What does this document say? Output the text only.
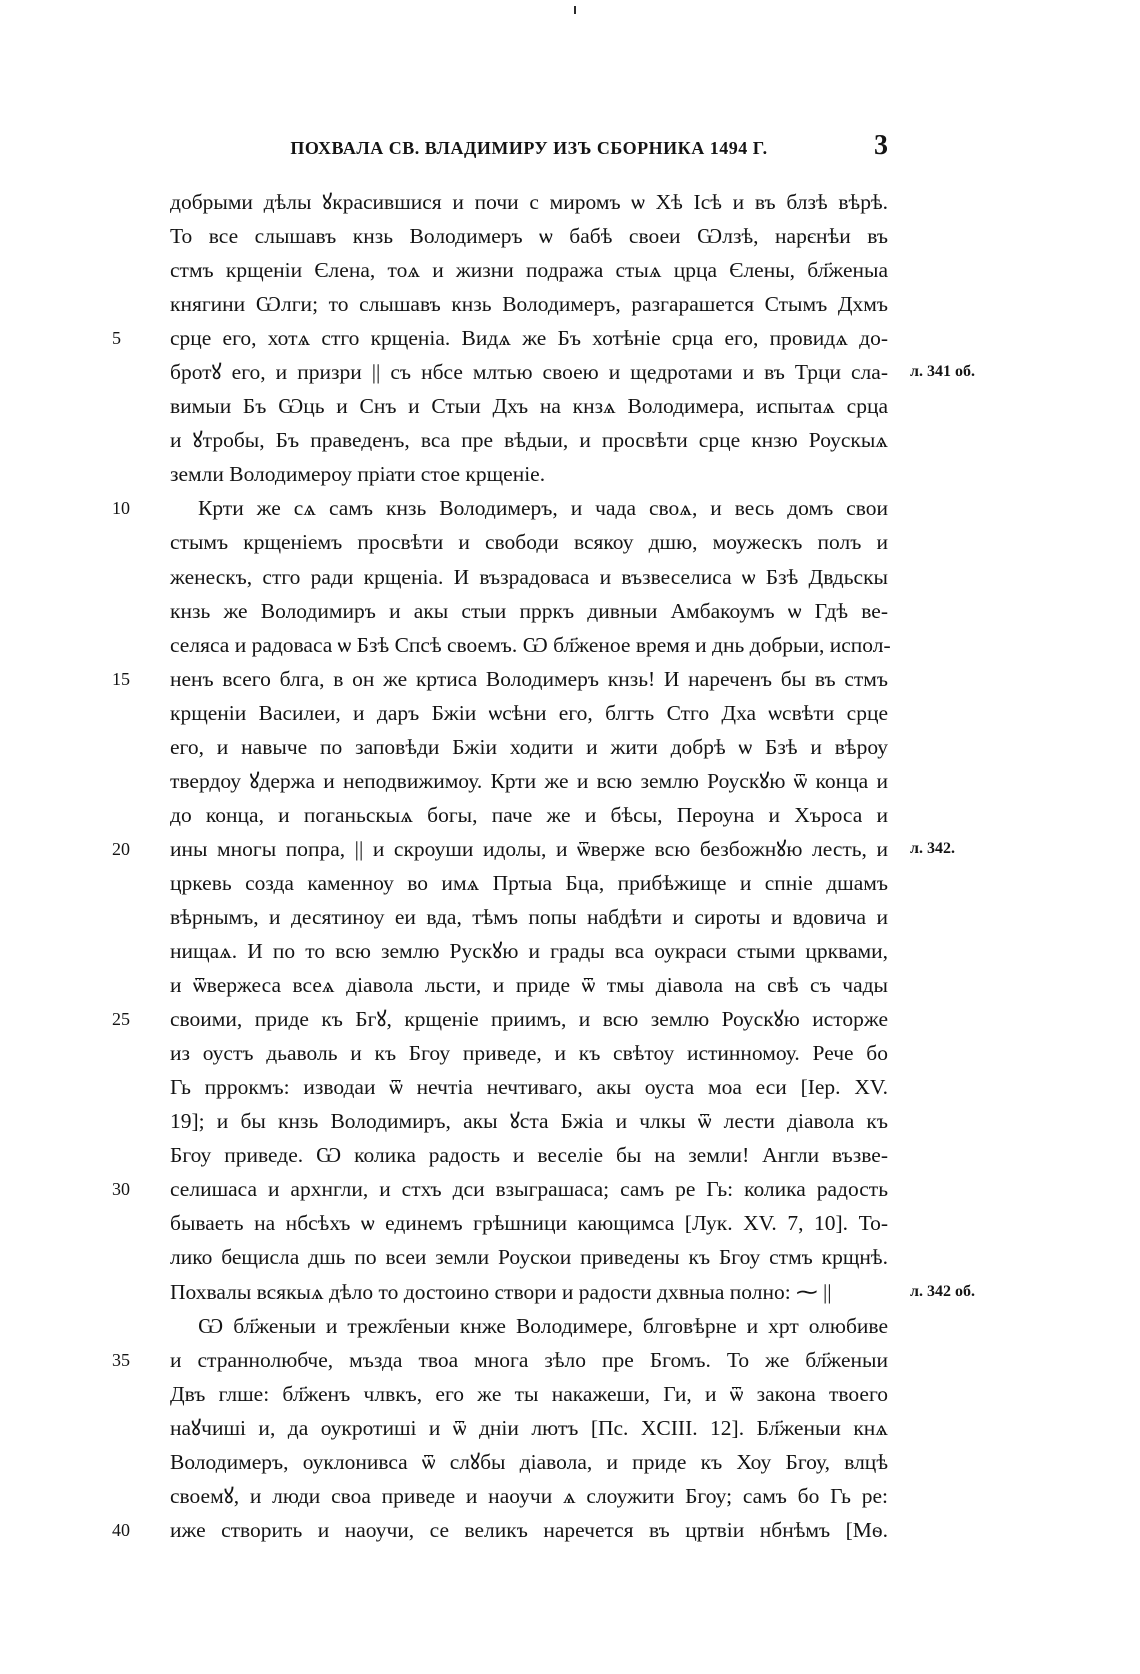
ПОХВАЛА СВ. ВЛАДИМИРУ ИЗЪ СБОРНИКА 1494 Г.	3
добрыми дѣлы ꙋкрасившися и почи с миромъ ѡ Хѣ Ісѣ и въ блзѣ вѣрѣ.
То все слышавъ кнзь Володимеръ ѡ бабѣ своеи Ѡлзѣ, нарєнѣи въ
стмъ крщеніи Єлена, тоѧ и жизни подража стыѧ црца Єлены, бл҃женыа
княгини Ѡлги; то слышавъ кнзь Володимеръ, разгарашется Стымъ Дхмъ
5	срце его, хотѧ стго крщеніа. Видѧ же Бъ хотѣніе срца его, провидѧ до-
бротꙋ его, и призри || съ нбсе млтью своею и щедротами и въ Трци сла- л. 341 об.
вимыи Бъ Ѡць и Снъ и Стыи Дхъ на кнзѧ Володимера, испытаѧ срца
и ꙋтробы, Бъ праведенъ, вса пре вѣдыи, и просвѣти срце кнзю Роускыѧ
земли Володимероу пріати стое крщеніе.
10	Крти же сѧ самъ кнзь Володимеръ, и чада своѧ, и весь домъ свои
стымъ крщеніемъ просвѣти и свободи всякоу дшю, моужескъ полъ и
женескъ, стго ради крщеніа. И възрадоваса и възвеселиса ѡ Бзѣ Двдьскы
кнзь же Володимиръ и акы стыи прркъ дивныи Амбакоумъ ѡ Гдѣ ве-
селяса и радоваса ѡ Бзѣ Спсѣ своемъ. Ѡ бл҃женое время и днь добрыи, испол-
15	ненъ всего блга, в он же кртиса Володимеръ кнзь! И нареченъ бы въ стмъ
крщеніи Василеи, и даръ Бжіи ѡсѣни его, блгть Стго Дха ѡсвѣти срце
его, и навыче по заповѣди Бжіи ходити и жити добрѣ ѡ Бзѣ и вѣроу
твердоу ꙋдержа и неподвижимоу. Крти же и всю землю Роускꙋю ѿ конца и
до конца, и поганьскыѧ богы, паче же и бѣсы, Пероуна и Хъроса и
20	ины многы попра, || и скроуши идолы, и ѿверже всю безбожнꙋю лесть, и л. 342.
цркевь созда каменноу во имѧ Пртыа Бца, прибѣжище и спніе дшамъ
вѣрнымъ, и десятиноу еи вда, тѣмъ попы набдѣти и сироты и вдовича и
нищаѧ. И по то всю землю Рускꙋю и грады вса оукраси стыми црквами,
и ѿвержеса всеѧ діавола льсти, и приде ѿ тмы діавола на свѣ съ чады
25	своими, приде къ Бгꙋ, крщеніе приимъ, и всю землю Роускꙋю исторже
из оустъ дьаволь и къ Бгоу приведе, и къ свѣтоу истинномоу. Рече бо
Гь пррокмъ: изводаи ѿ нечтіа нечтиваго, акы оуста моа еси [Іер. XV.
19]; и бы кнзь Володимиръ, акы ꙋста Бжіа и члкы ѿ лести діавола къ
Бгоу приведе. Ѡ колика радость и веселіе бы на земли! Англи възве-
30	селишаса и архнгли, и стхъ дси взыграшаса; самъ ре Гь: колика радость
бываеть на нбсѣхъ ѡ единемъ грѣшници кающимса [Лук. XV. 7, 10]. То-
лико бещисла дшь по всеи земли Роускои приведены къ Бгоу стмъ крщнѣ.
Похвалы всякыѧ дѣло то достоино створи и радости дхвныа полно: ⁓ ||	л. 342 об.
Ѡ бл҃женыи и трежл҃еныи кнже Володимере, блговѣрне и хрт олюбиве
35	и страннолюбче, мъзда твоа многа зѣло пре Бгомъ. То же бл҃женыи
Двъ глше: бл҃женъ члвкъ, его же ты накажеши, Ги, и ѿ закона твоего
наꙋчиші и, да оукротиші и ѿ дніи лютъ [Пс. XCIII. 12]. Бл҃женыи кнѧ
Володимеръ, оуклонивса ѿ слꙋбы діавола, и приде къ Хоу Бгоу, влцѣ
своемꙋ, и люди своа приведе и наоучи ѧ слоужити Бгоу; самъ бо Гь ре:
40	иже створить и наоучи, се великъ наречется въ цртвіи нбнѣмъ [Мѳ.
